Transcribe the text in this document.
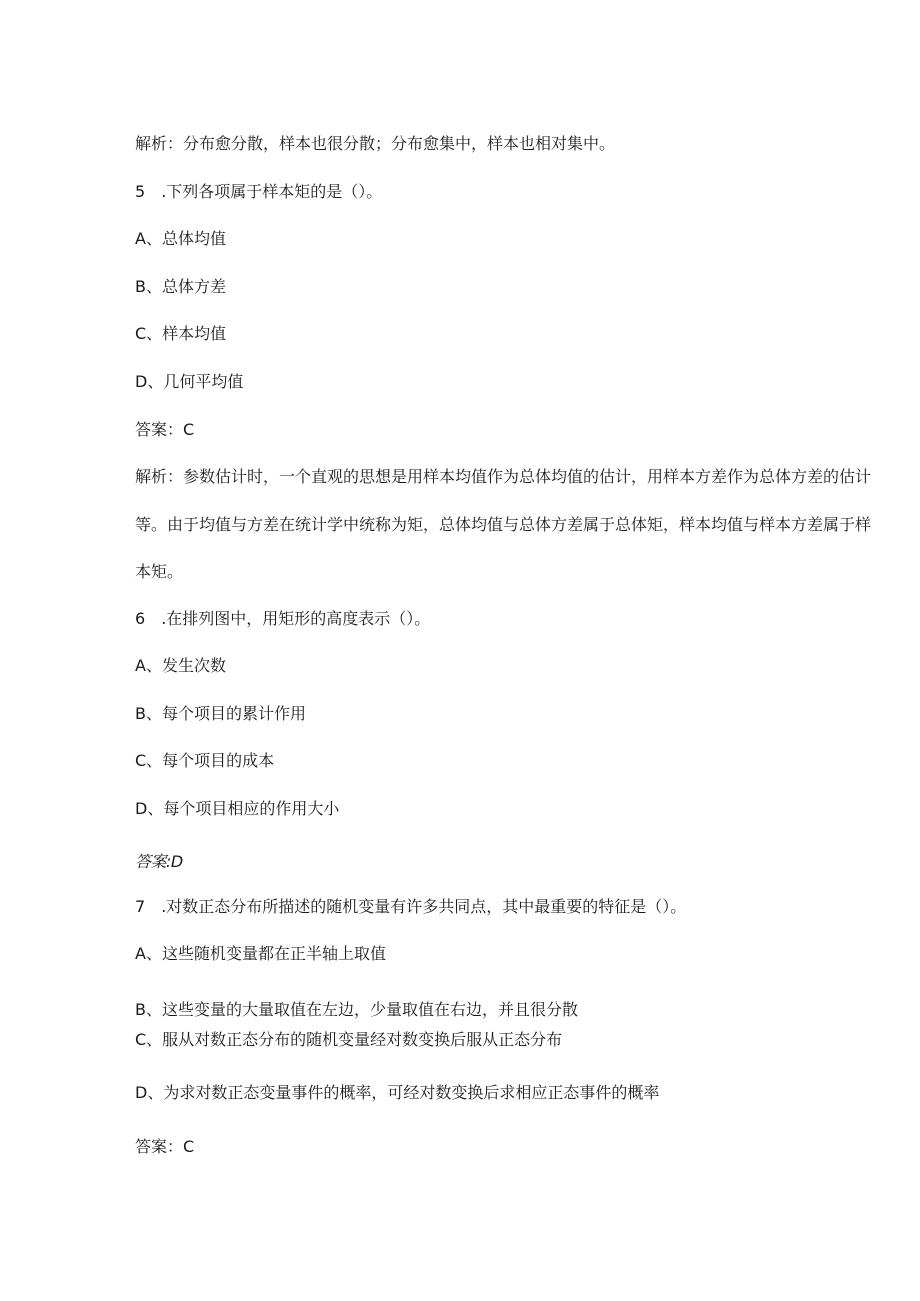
解析：分布愈分散，样本也很分散；分布愈集中，样本也相对集中。

5 .下列各项属于样本矩的是（）。

A、总体均值

B、总体方差

C、样本均值

D、几何平均值

答案：C

解析：参数估计时，一个直观的思想是用样本均值作为总体均值的估计，用样本方差作为总体方差的估计

等。由于均值与方差在统计学中统称为矩，总体均值与总体方差属于总体矩，样本均值与样本方差属于样

本矩。

6 .在排列图中，用矩形的高度表示（）。

A、发生次数

B、每个项目的累计作用

C、每个项目的成本

D、每个项目相应的作用大小

答案:D

7 .对数正态分布所描述的随机变量有许多共同点，其中最重要的特征是（）。

A、这些随机变量都在正半轴上取值

B、这些变量的大量取值在左边，少量取值在右边，并且很分散

C、服从对数正态分布的随机变量经对数变换后服从正态分布

D、为求对数正态变量事件的概率，可经对数变换后求相应正态事件的概率

答案：C
